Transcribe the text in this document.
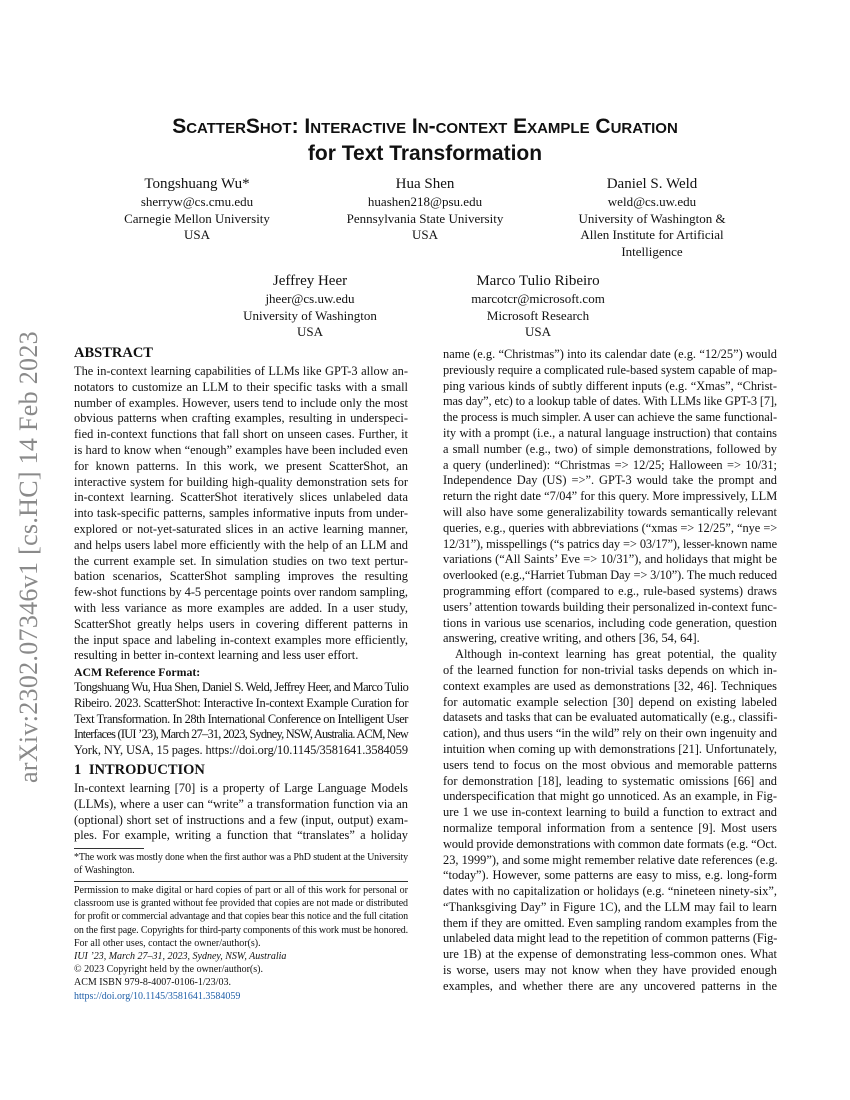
arXiv:2302.07346v1 [cs.HC] 14 Feb 2023
ScatterShot: Interactive In-context Example Curation
for Text Transformation
Tongshuang Wu*
sherryw@cs.cmu.edu
Carnegie Mellon University
USA
Hua Shen
huashen218@psu.edu
Pennsylvania State University
USA
Daniel S. Weld
weld@cs.uw.edu
University of Washington &
Allen Institute for Artificial
Intelligence
Jeffrey Heer
jheer@cs.uw.edu
University of Washington
USA
Marco Tulio Ribeiro
marcotcr@microsoft.com
Microsoft Research
USA
ABSTRACT
The in-context learning capabilities of LLMs like GPT-3 allow an-
notators to customize an LLM to their specific tasks with a small
number of examples. However, users tend to include only the most
obvious patterns when crafting examples, resulting in underspeci-
fied in-context functions that fall short on unseen cases. Further, it
is hard to know when “enough” examples have been included even
for known patterns. In this work, we present ScatterShot, an
interactive system for building high-quality demonstration sets for
in-context learning. ScatterShot iteratively slices unlabeled data
into task-specific patterns, samples informative inputs from under-
explored or not-yet-saturated slices in an active learning manner,
and helps users label more efficiently with the help of an LLM and
the current example set. In simulation studies on two text pertur-
bation scenarios, ScatterShot sampling improves the resulting
few-shot functions by 4-5 percentage points over random sampling,
with less variance as more examples are added. In a user study,
ScatterShot greatly helps users in covering different patterns in
the input space and labeling in-context examples more efficiently,
resulting in better in-context learning and less user effort.
ACM Reference Format:
Tongshuang Wu, Hua Shen, Daniel S. Weld, Jeffrey Heer, and Marco Tulio
Ribeiro. 2023. ScatterShot: Interactive In-context Example Curation for
Text Transformation. In 28th International Conference on Intelligent User
Interfaces (IUI ’23), March 27–31, 2023, Sydney, NSW, Australia. ACM, New
York, NY, USA, 15 pages. https://doi.org/10.1145/3581641.3584059
1 INTRODUCTION
In-context learning [70] is a property of Large Language Models
(LLMs), where a user can “write” a transformation function via an
(optional) short set of instructions and a few (input, output) exam-
ples. For example, writing a function that “translates” a holiday
*The work was mostly done when the first author was a PhD student at the University
of Washington.
Permission to make digital or hard copies of part or all of this work for personal or
classroom use is granted without fee provided that copies are not made or distributed
for profit or commercial advantage and that copies bear this notice and the full citation
on the first page. Copyrights for third-party components of this work must be honored.
For all other uses, contact the owner/author(s).
IUI ’23, March 27–31, 2023, Sydney, NSW, Australia
© 2023 Copyright held by the owner/author(s).
ACM ISBN 979-8-4007-0106-1/23/03.
https://doi.org/10.1145/3581641.3584059
name (e.g. “Christmas”) into its calendar date (e.g. “12/25”) would
previously require a complicated rule-based system capable of map-
ping various kinds of subtly different inputs (e.g. “Xmas”, “Christ-
mas day”, etc) to a lookup table of dates. With LLMs like GPT-3 [7],
the process is much simpler. A user can achieve the same functional-
ity with a prompt (i.e., a natural language instruction) that contains
a small number (e.g., two) of simple demonstrations, followed by
a query (underlined): “Christmas => 12/25; Halloween => 10/31;
Independence Day (US) =>”. GPT-3 would take the prompt and
return the right date “7/04” for this query. More impressively, LLM
will also have some generalizability towards semantically relevant
queries, e.g., queries with abbreviations (“xmas => 12/25”, “nye =>
12/31”), misspellings (“s patrics day => 03/17”), lesser-known name
variations (“All Saints’ Eve => 10/31”), and holidays that might be
overlooked (e.g.,“Harriet Tubman Day => 3/10”). The much reduced
programming effort (compared to e.g., rule-based systems) draws
users’ attention towards building their personalized in-context func-
tions in various use scenarios, including code generation, question
answering, creative writing, and others [36, 54, 64].
Although in-context learning has great potential, the quality
of the learned function for non-trivial tasks depends on which in-
context examples are used as demonstrations [32, 46]. Techniques
for automatic example selection [30] depend on existing labeled
datasets and tasks that can be evaluated automatically (e.g., classifi-
cation), and thus users “in the wild” rely on their own ingenuity and
intuition when coming up with demonstrations [21]. Unfortunately,
users tend to focus on the most obvious and memorable patterns
for demonstration [18], leading to systematic omissions [66] and
underspecification that might go unnoticed. As an example, in Fig-
ure 1 we use in-context learning to build a function to extract and
normalize temporal information from a sentence [9]. Most users
would provide demonstrations with common date formats (e.g. “Oct.
23, 1999”), and some might remember relative date references (e.g.
“today”). However, some patterns are easy to miss, e.g. long-form
dates with no capitalization or holidays (e.g. “nineteen ninety-six”,
“Thanksgiving Day” in Figure 1C), and the LLM may fail to learn
them if they are omitted. Even sampling random examples from the
unlabeled data might lead to the repetition of common patterns (Fig-
ure 1B) at the expense of demonstrating less-common ones. What
is worse, users may not know when they have provided enough
examples, and whether there are any uncovered patterns in the
